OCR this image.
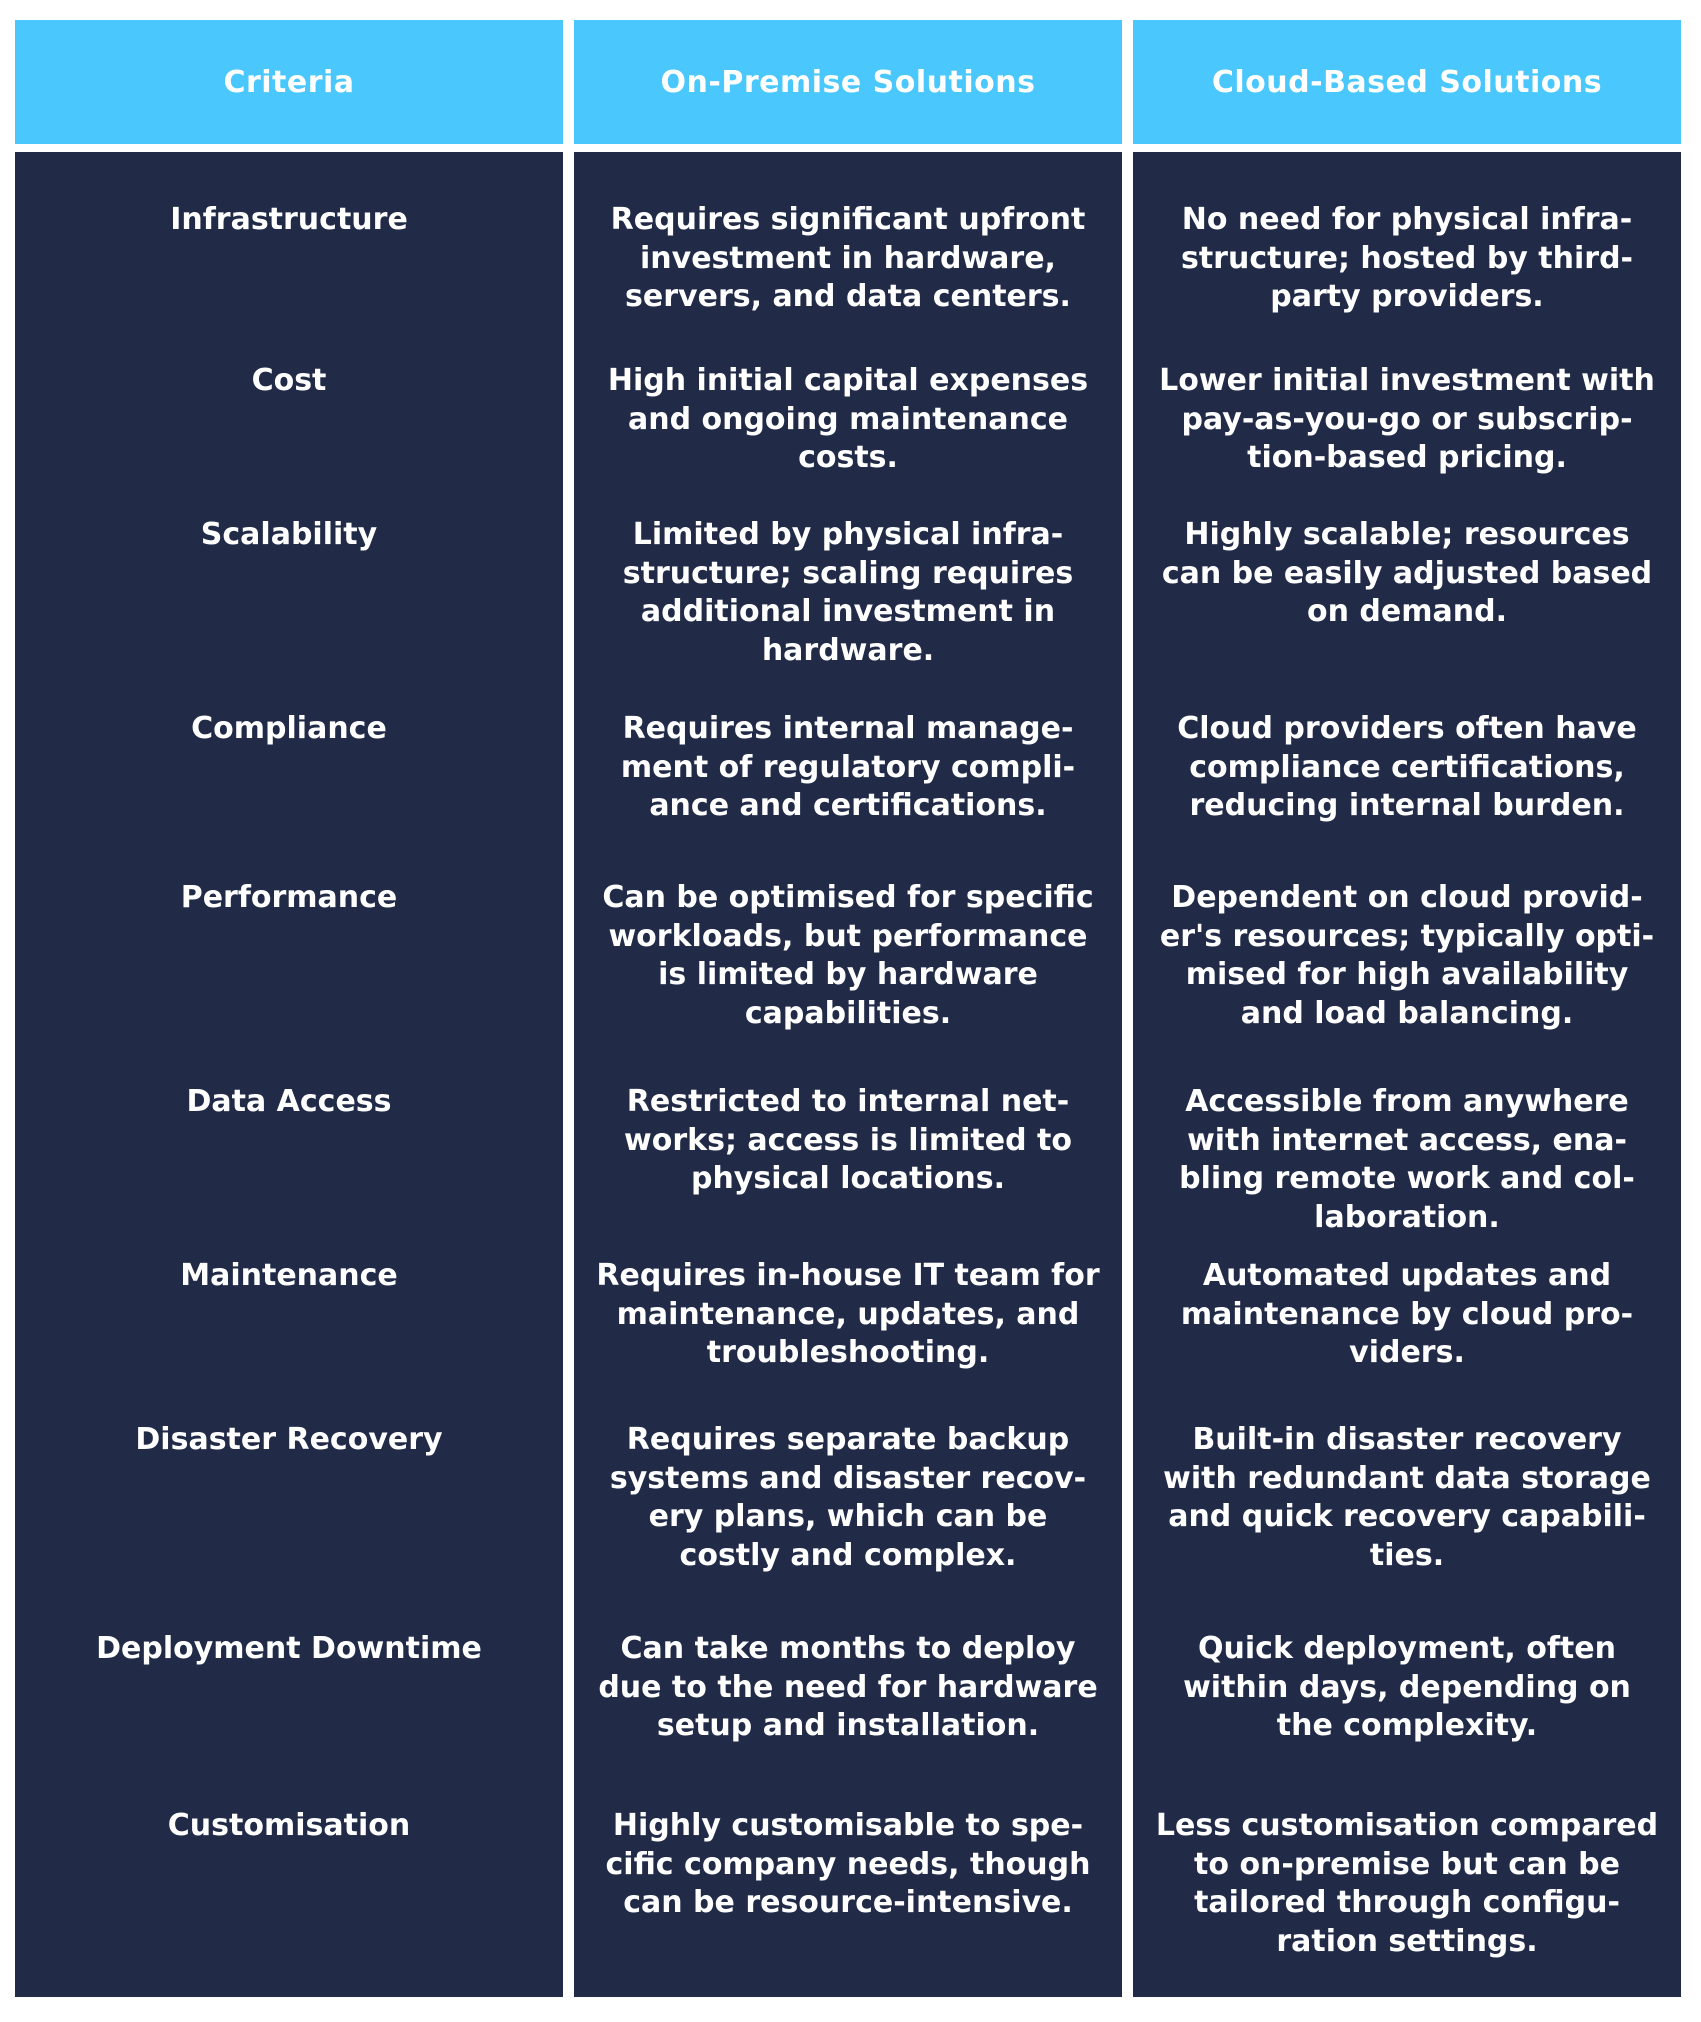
Criteria
Infrastructure
Cost
Scalability
Compliance
Performance
Data Access
Maintenance
Disaster Recovery
Deployment Downtime
Customisation
On-Premise Solutions
Requires significant upfront investment in hardware, servers, and data centers.
High initial capital expenses and ongoing maintenance costs.
Limited by physical infrastructure; scaling requires additional investment in hardware.
Requires internal management of regulatory compliance and certifications.
Can be optimised for specific workloads, but performance is limited by hardware capabilities.
Restricted to internal networks; access is limited to physical locations.
Requires in-house IT team for maintenance, updates, and troubleshooting.
Requires separate backup systems and disaster recovery plans, which can be costly and complex.
Can take months to deploy due to the need for hardware setup and installation.
Highly customisable to specific company needs, though can be resource-intensive.
Cloud-Based Solutions
No need for physical infrastructure; hosted by third-party providers.
Lower initial investment with pay-as-you-go or subscription-based pricing.
Highly scalable; resources can be easily adjusted based on demand.
Cloud providers often have compliance certifications, reducing internal burden.
Dependent on cloud provider's resources; typically optimised for high availability and load balancing.
Accessible from anywhere with internet access, enabling remote work and collaboration.
Automated updates and maintenance by cloud providers.
Built-in disaster recovery with redundant data storage and quick recovery capabilities.
Quick deployment, often within days, depending on the complexity.
Less customisation compared to on-premise but can be tailored through configuration settings.
